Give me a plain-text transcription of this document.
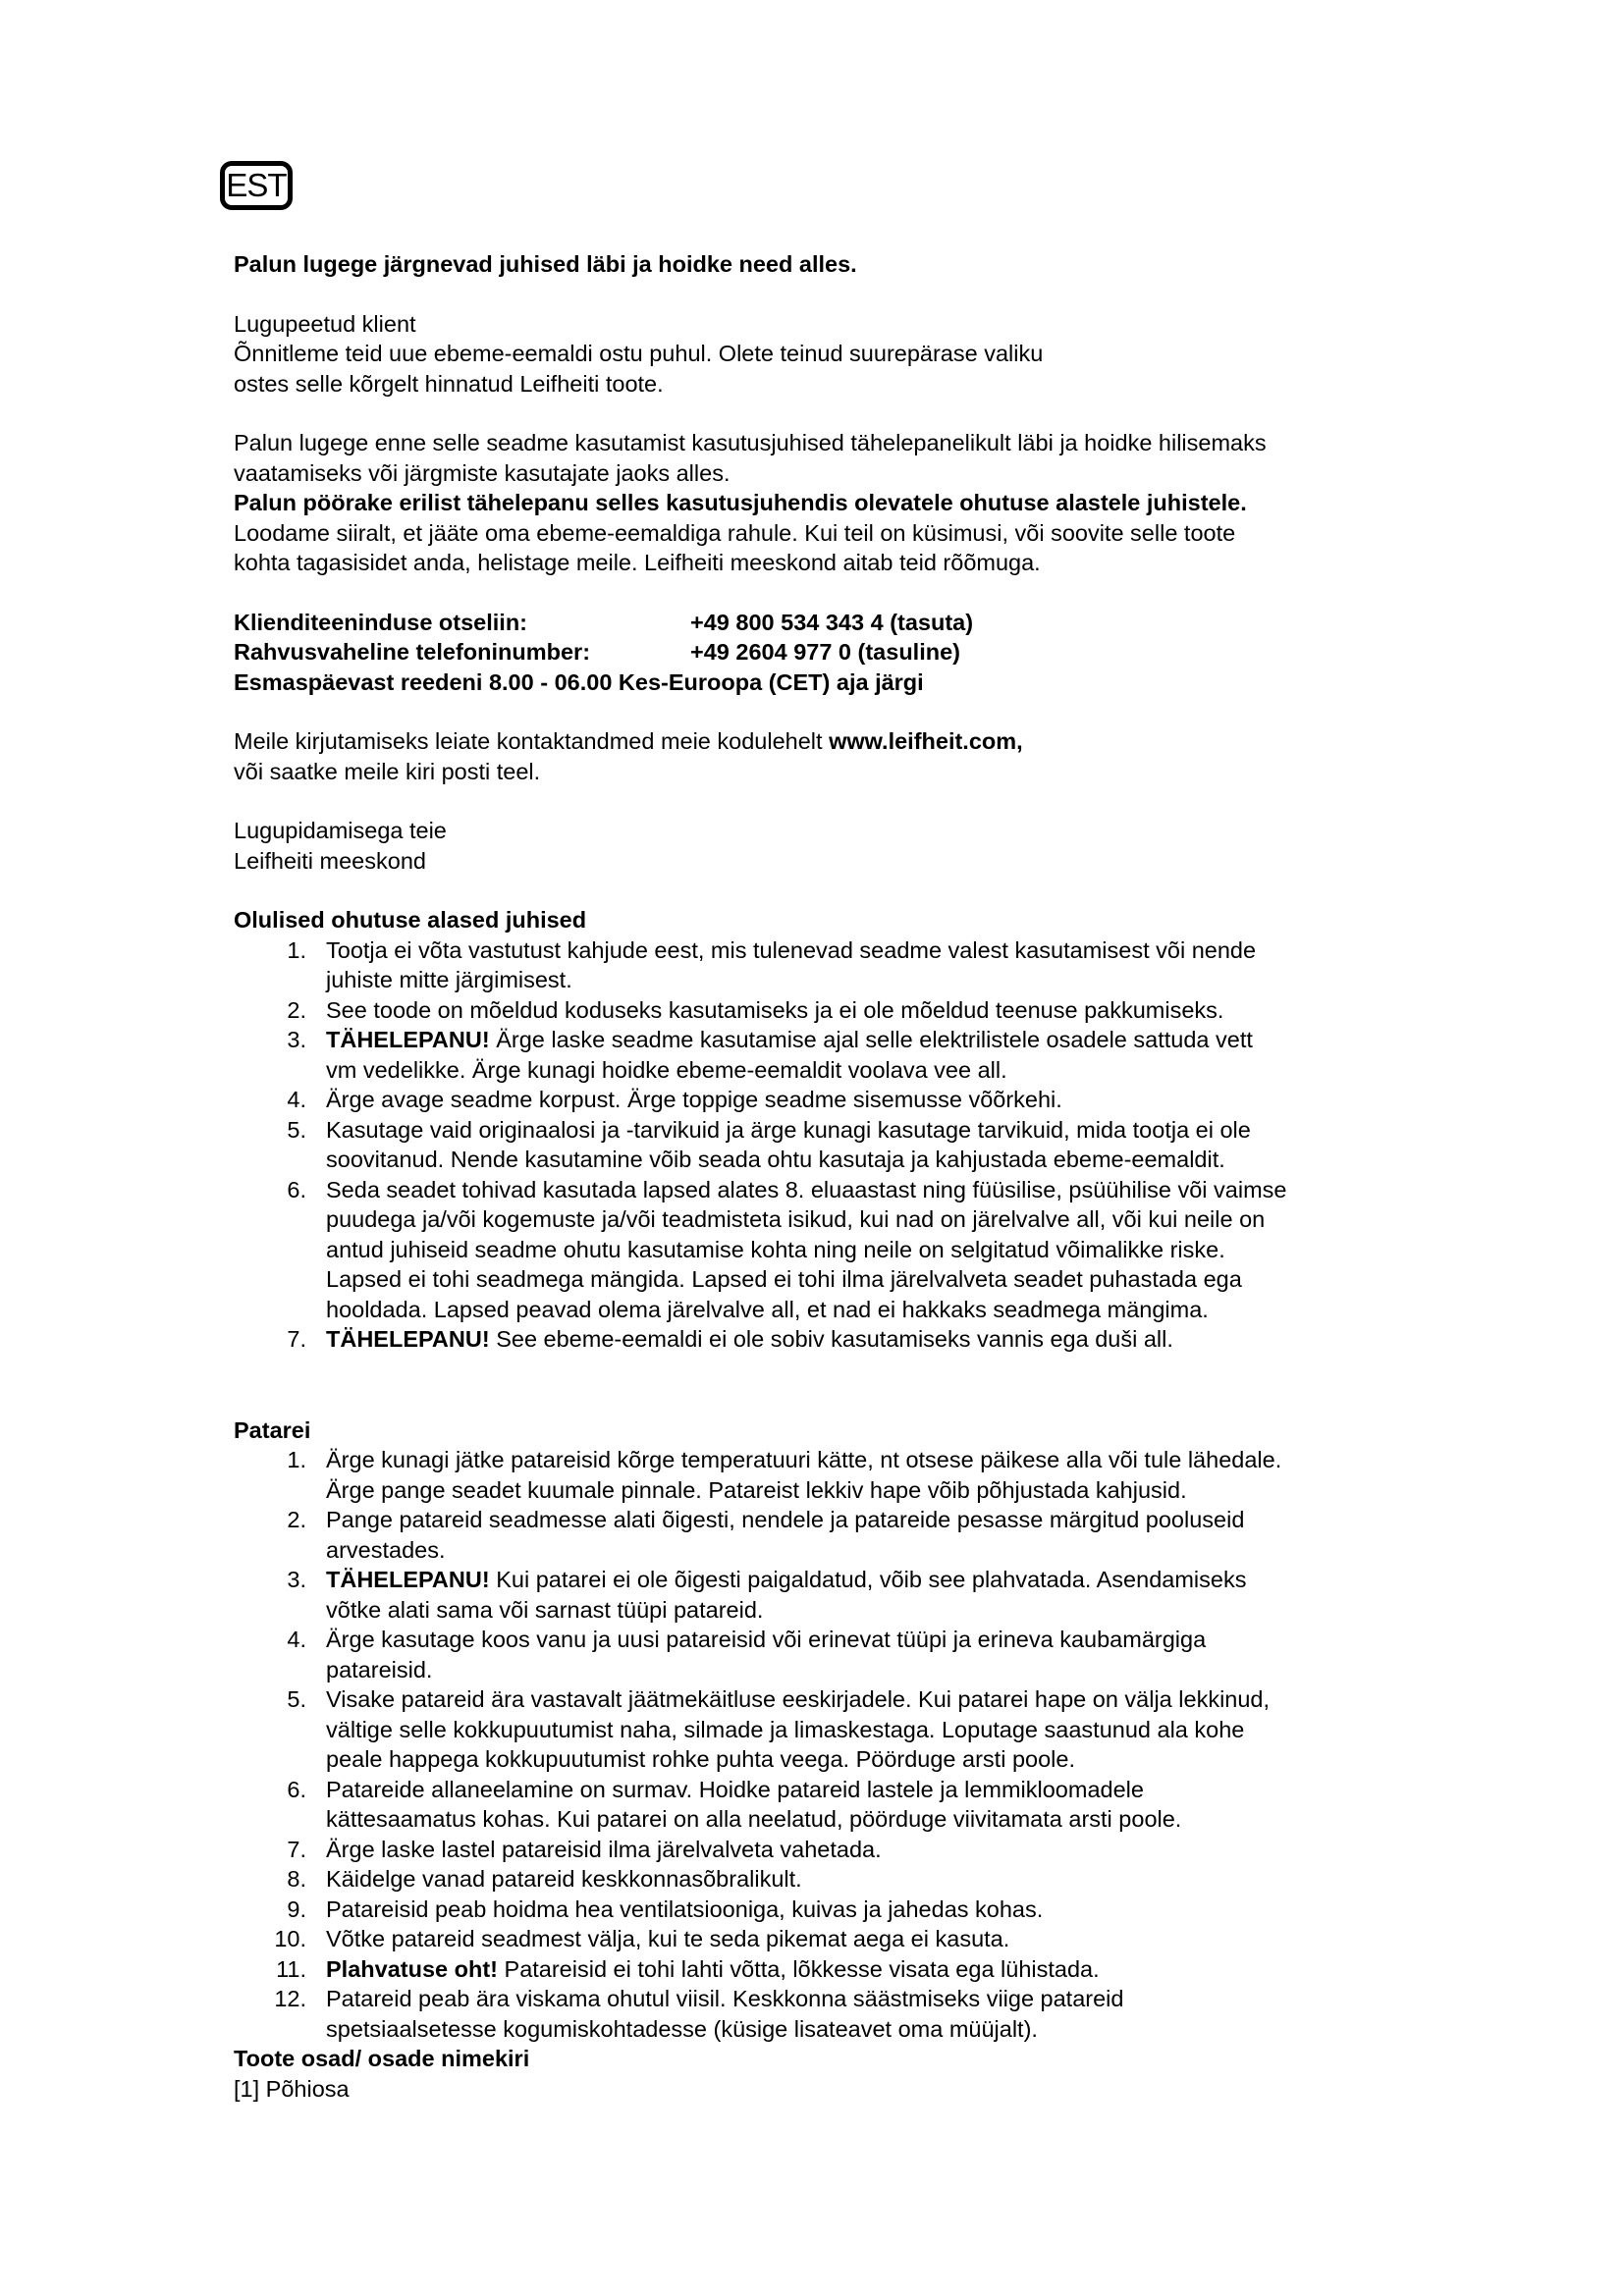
EST

Palun lugege järgnevad juhised läbi ja hoidke need alles.

Lugupeetud klient

Õnnitleme teid uue ebeme-eemaldi ostu puhul. Olete teinud suurepärase valiku

ostes selle kõrgelt hinnatud Leifheiti toote.

Palun lugege enne selle seadme kasutamist kasutusjuhised tähelepanelikult läbi ja hoidke hilisemaks

vaatamiseks või järgmiste kasutajate jaoks alles.

Palun pöörake erilist tähelepanu selles kasutusjuhendis olevatele ohutuse alastele juhistele.

Loodame siiralt, et jääte oma ebeme-eemaldiga rahule. Kui teil on küsimusi, või soovite selle toote

kohta tagasisidet anda, helistage meile. Leifheiti meeskond aitab teid rõõmuga.

Klienditeeninduse otseliin:	+49 800 534 343 4 (tasuta)
Rahvusvaheline telefoninumber:	+49 2604 977 0 (tasuline)

Esmaspäevast reedeni 8.00 - 06.00 Kes-Euroopa (CET) aja järgi

Meile kirjutamiseks leiate kontaktandmed meie kodulehelt www.leifheit.com,

või saatke meile kiri posti teel.

Lugupidamisega teie

Leifheiti meeskond

Olulised ohutuse alased juhised

1. Tootja ei võta vastutust kahjude eest, mis tulenevad seadme valest kasutamisest või nende
juhiste mitte järgimisest.
2. See toode on mõeldud koduseks kasutamiseks ja ei ole mõeldud teenuse pakkumiseks.
3. TÄHELEPANU! Ärge laske seadme kasutamise ajal selle elektrilistele osadele sattuda vett
vm vedelikke. Ärge kunagi hoidke ebeme-eemaldit voolava vee all.
4. Ärge avage seadme korpust. Ärge toppige seadme sisemusse võõrkehi.
5. Kasutage vaid originaalosi ja -tarvikuid ja ärge kunagi kasutage tarvikuid, mida tootja ei ole
soovitanud. Nende kasutamine võib seada ohtu kasutaja ja kahjustada ebeme-eemaldit.
6. Seda seadet tohivad kasutada lapsed alates 8. eluaastast ning füüsilise, psüühilise või vaimse
puudega ja/või kogemuste ja/või teadmisteta isikud, kui nad on järelvalve all, või kui neile on
antud juhiseid seadme ohutu kasutamise kohta ning neile on selgitatud võimalikke riske.
Lapsed ei tohi seadmega mängida. Lapsed ei tohi ilma järelvalveta seadet puhastada ega
hooldada. Lapsed peavad olema järelvalve all, et nad ei hakkaks seadmega mängima.
7. TÄHELEPANU! See ebeme-eemaldi ei ole sobiv kasutamiseks vannis ega duši all.

Patarei

1. Ärge kunagi jätke patareisid kõrge temperatuuri kätte, nt otsese päikese alla või tule lähedale.
Ärge pange seadet kuumale pinnale. Patareist lekkiv hape võib põhjustada kahjusid.
2. Pange patareid seadmesse alati õigesti, nendele ja patareide pesasse märgitud pooluseid
arvestades.
3. TÄHELEPANU! Kui patarei ei ole õigesti paigaldatud, võib see plahvatada. Asendamiseks
võtke alati sama või sarnast tüüpi patareid.
4. Ärge kasutage koos vanu ja uusi patareisid või erinevat tüüpi ja erineva kaubamärgiga
patareisid.
5. Visake patareid ära vastavalt jäätmekäitluse eeskirjadele. Kui patarei hape on välja lekkinud,
vältige selle kokkupuutumist naha, silmade ja limaskestaga. Loputage saastunud ala kohe
peale happega kokkupuutumist rohke puhta veega. Pöörduge arsti poole.
6. Patareide allaneelamine on surmav. Hoidke patareid lastele ja lemmikloomadele
kättesaamatus kohas. Kui patarei on alla neelatud, pöörduge viivitamata arsti poole.
7. Ärge laske lastel patareisid ilma järelvalveta vahetada.
8. Käidelge vanad patareid keskkonnasõbralikult.
9. Patareisid peab hoidma hea ventilatsiooniga, kuivas ja jahedas kohas.
10. Võtke patareid seadmest välja, kui te seda pikemat aega ei kasuta.
11. Plahvatuse oht! Patareisid ei tohi lahti võtta, lõkkesse visata ega lühistada.
12. Patareid peab ära viskama ohutul viisil. Keskkonna säästmiseks viige patareid
spetsiaalsetesse kogumiskohtadesse (küsige lisateavet oma müüjalt).

Toote osad/ osade nimekiri

[1] Põhiosa
